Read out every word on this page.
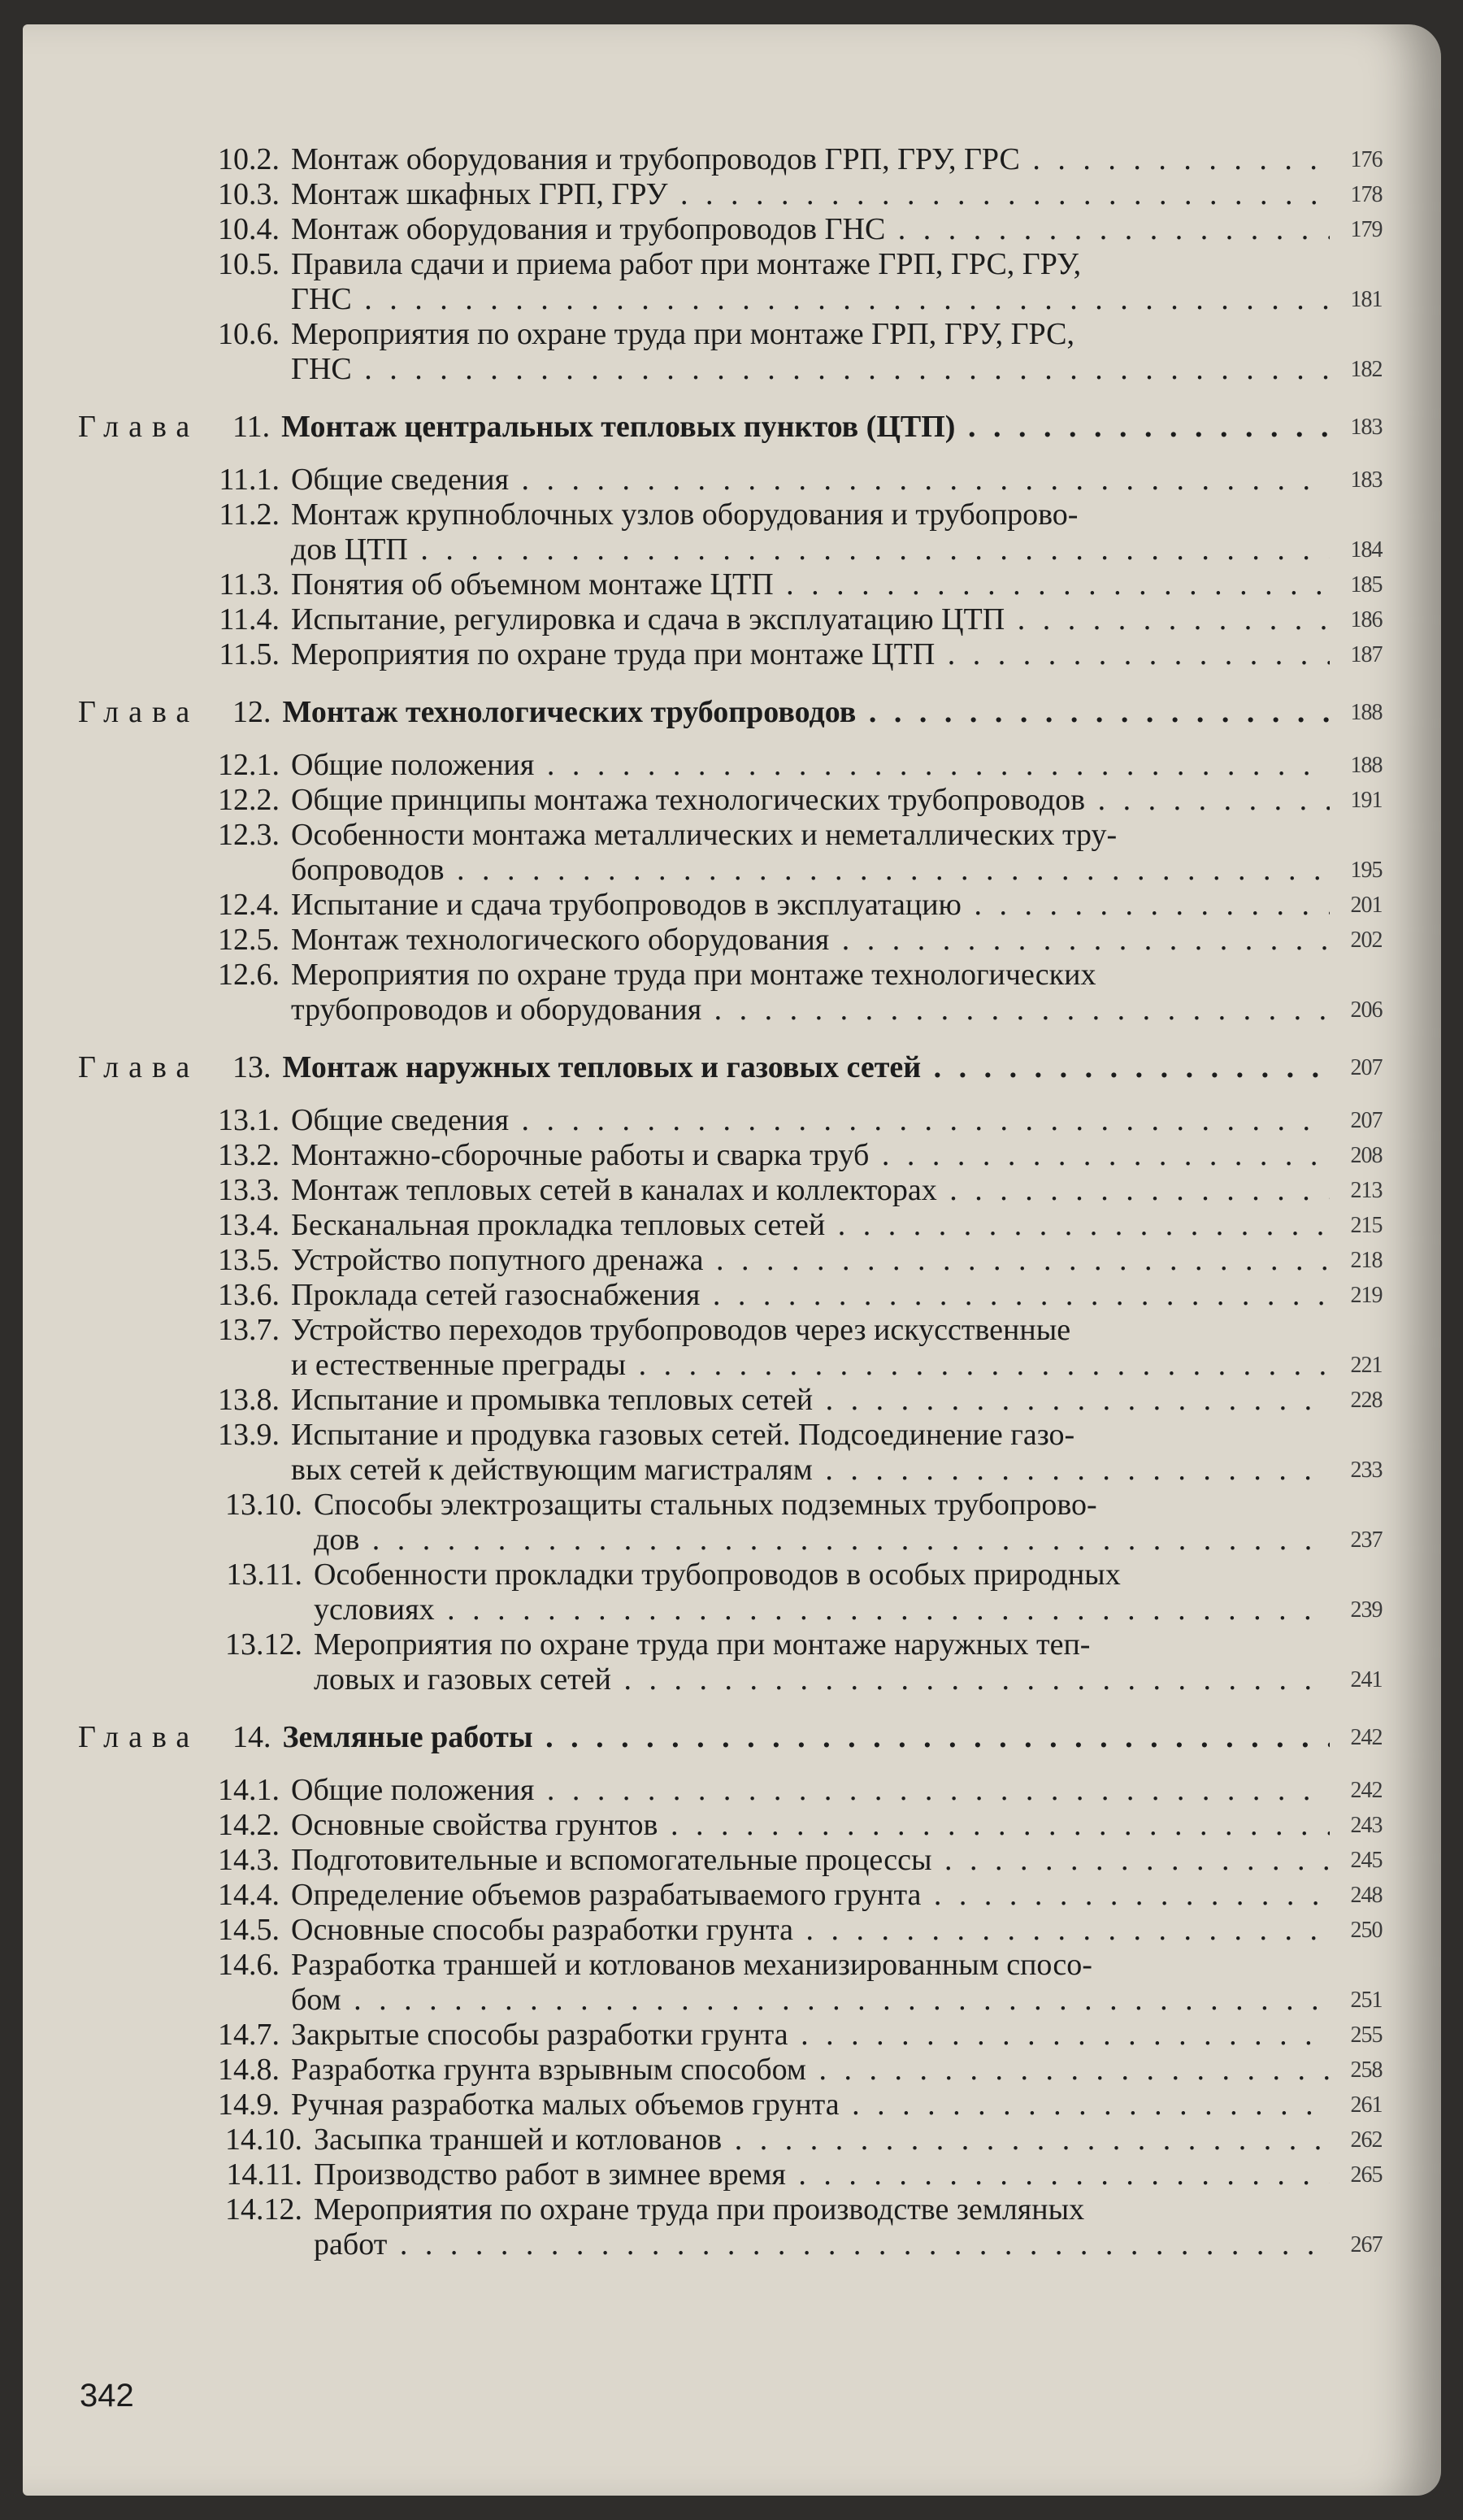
10.2. Монтаж оборудования и трубопроводов ГРП, ГРУ, ГРС . . .	176
10.3. Монтаж шкафных ГРП, ГРУ . . .	178
10.4. Монтаж оборудования и трубопроводов ГНС . . .	179
10.5. Правила сдачи и приема работ при монтаже ГРП, ГРС, ГРУ,
ГНС . . .	181
10.6. Мероприятия по охране труда при монтаже ГРП, ГРУ, ГРС,
ГНС . . .	182
Глава	11. Монтаж центральных тепловых пунктов (ЦТП) . . .	183
11.1. Общие сведения . . .	183
11.2. Монтаж крупноблочных узлов оборудования и трубопрово-
дов ЦТП . . .	184
11.3. Понятия об объемном монтаже ЦТП . . .	185
11.4. Испытание, регулировка и сдача в эксплуатацию ЦТП . . .	186
11.5. Мероприятия по охране труда при монтаже ЦТП . . .	187
Глава	12. Монтаж технологических трубопроводов . . .	188
12.1. Общие положения . . .	188
12.2. Общие принципы монтажа технологических трубопроводов . . .	191
12.3. Особенности монтажа металлических и неметаллических тру-
бопроводов . . .	195
12.4. Испытание и сдача трубопроводов в эксплуатацию . . .	201
12.5. Монтаж технологического оборудования . . .	202
12.6. Мероприятия по охране труда при монтаже технологических
трубопроводов и оборудования . . .	206
Глава	13. Монтаж наружных тепловых и газовых сетей . . .	207
13.1. Общие сведения . . .	207
13.2. Монтажно-сборочные работы и сварка труб . . .	208
13.3. Монтаж тепловых сетей в каналах и коллекторах . . .	213
13.4. Бесканальная прокладка тепловых сетей . . .	215
13.5. Устройство попутного дренажа . . .	218
13.6. Проклада сетей газоснабжения . . .	219
13.7. Устройство переходов трубопроводов через искусственные
и естественные преграды . . .	221
13.8. Испытание и промывка тепловых сетей . . .	228
13.9. Испытание и продувка газовых сетей. Подсоединение газо-
вых сетей к действующим магистралям . . .	233
13.10. Способы электрозащиты стальных подземных трубопрово-
дов . . .	237
13.11. Особенности прокладки трубопроводов в особых природных
условиях . . .	239
13.12. Мероприятия по охране труда при монтаже наружных теп-
ловых и газовых сетей . . .	241
Глава	14. Земляные работы . . .	242
14.1. Общие положения . . .	242
14.2. Основные свойства грунтов . . .	243
14.3. Подготовительные и вспомогательные процессы . . .	245
14.4. Определение объемов разрабатываемого грунта . . .	248
14.5. Основные способы разработки грунта . . .	250
14.6. Разработка траншей и котлованов механизированным спосо-
бом . . .	251
14.7. Закрытые способы разработки грунта . . .	255
14.8. Разработка грунта взрывным способом . . .	258
14.9. Ручная разработка малых объемов грунта . . .	261
14.10. Засыпка траншей и котлованов . . .	262
14.11. Производство работ в зимнее время . . .	265
14.12. Мероприятия по охране труда при производстве земляных
работ . . .	267
342
